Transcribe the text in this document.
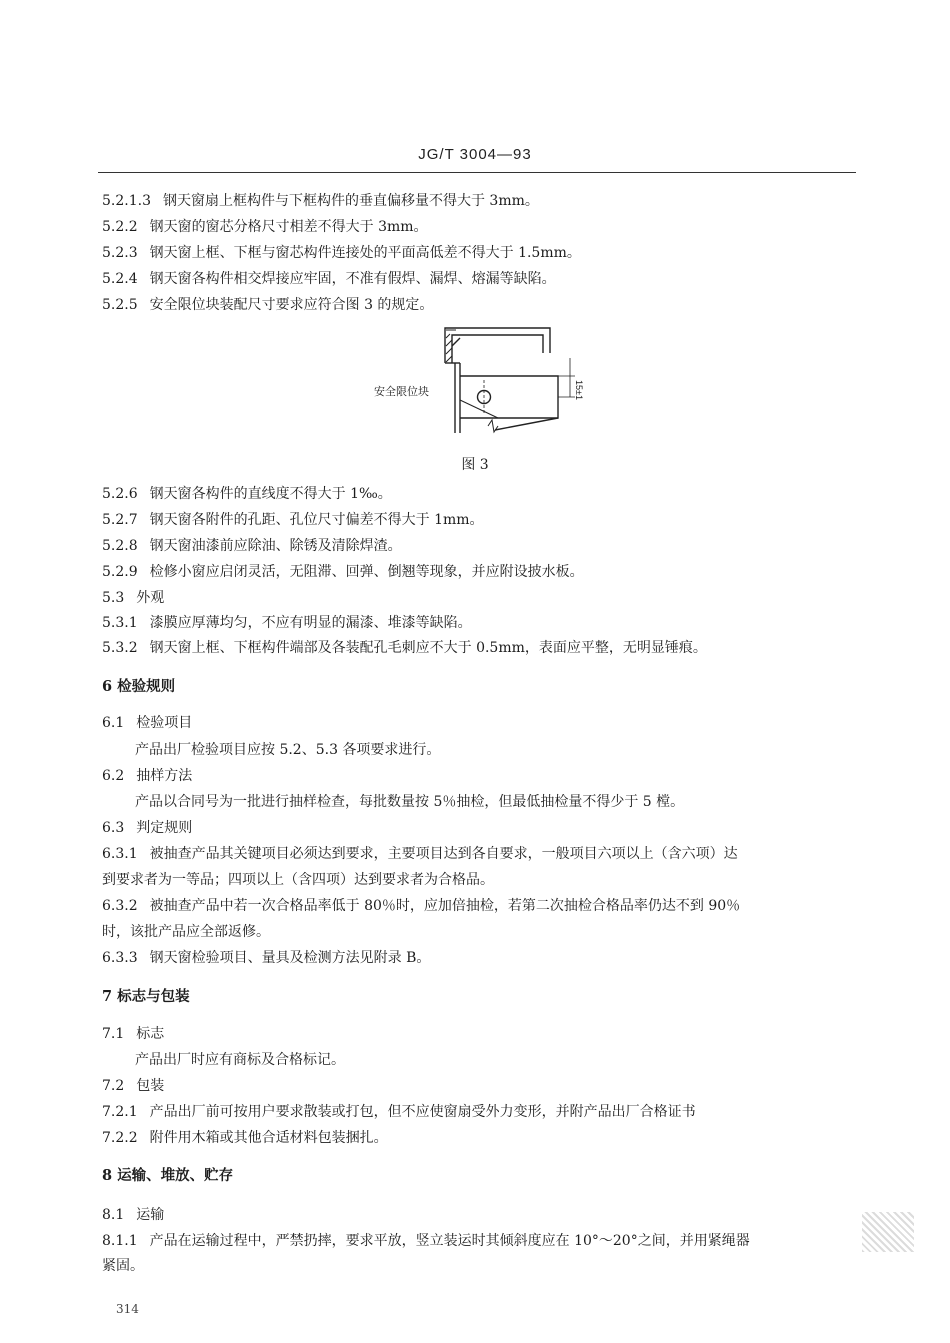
JG/T 3004—93
5.2.1.3 钢天窗扇上框构件与下框构件的垂直偏移量不得大于 3mm。
5.2.2 钢天窗的窗芯分格尺寸相差不得大于 3mm。
5.2.3 钢天窗上框、下框与窗芯构件连接处的平面高低差不得大于 1.5mm。
5.2.4 钢天窗各构件相交焊接应牢固，不准有假焊、漏焊、熔漏等缺陷。
5.2.5 安全限位块装配尺寸要求应符合图 3 的规定。
15±1
安全限位块
图 3
5.2.6 钢天窗各构件的直线度不得大于 1‰。
5.2.7 钢天窗各附件的孔距、孔位尺寸偏差不得大于 1mm。
5.2.8 钢天窗油漆前应除油、除锈及清除焊渣。
5.2.9 检修小窗应启闭灵活，无阻滞、回弹、倒翘等现象，并应附设披水板。
5.3 外观
5.3.1 漆膜应厚薄均匀，不应有明显的漏漆、堆漆等缺陷。
5.3.2 钢天窗上框、下框构件端部及各装配孔毛刺应不大于 0.5mm，表面应平整，无明显锤痕。
6 检验规则
6.1 检验项目
产品出厂检验项目应按 5.2、5.3 各项要求进行。
6.2 抽样方法
产品以合同号为一批进行抽样检查，每批数量按 5％抽检，但最低抽检量不得少于 5 樘。
6.3 判定规则
6.3.1 被抽查产品其关键项目必须达到要求，主要项目达到各自要求，一般项目六项以上（含六项）达
到要求者为一等品；四项以上（含四项）达到要求者为合格品。
6.3.2 被抽查产品中若一次合格品率低于 80％时，应加倍抽检，若第二次抽检合格品率仍达不到 90％
时，该批产品应全部返修。
6.3.3 钢天窗检验项目、量具及检测方法见附录 B。
7 标志与包装
7.1 标志
产品出厂时应有商标及合格标记。
7.2 包装
7.2.1 产品出厂前可按用户要求散装或打包，但不应使窗扇受外力变形，并附产品出厂合格证书
7.2.2 附件用木箱或其他合适材料包装捆扎。
8 运输、堆放、贮存
8.1 运输
8.1.1 产品在运输过程中，严禁扔摔，要求平放，竖立装运时其倾斜度应在 10°～20°之间，并用紧绳器
紧固。
314
